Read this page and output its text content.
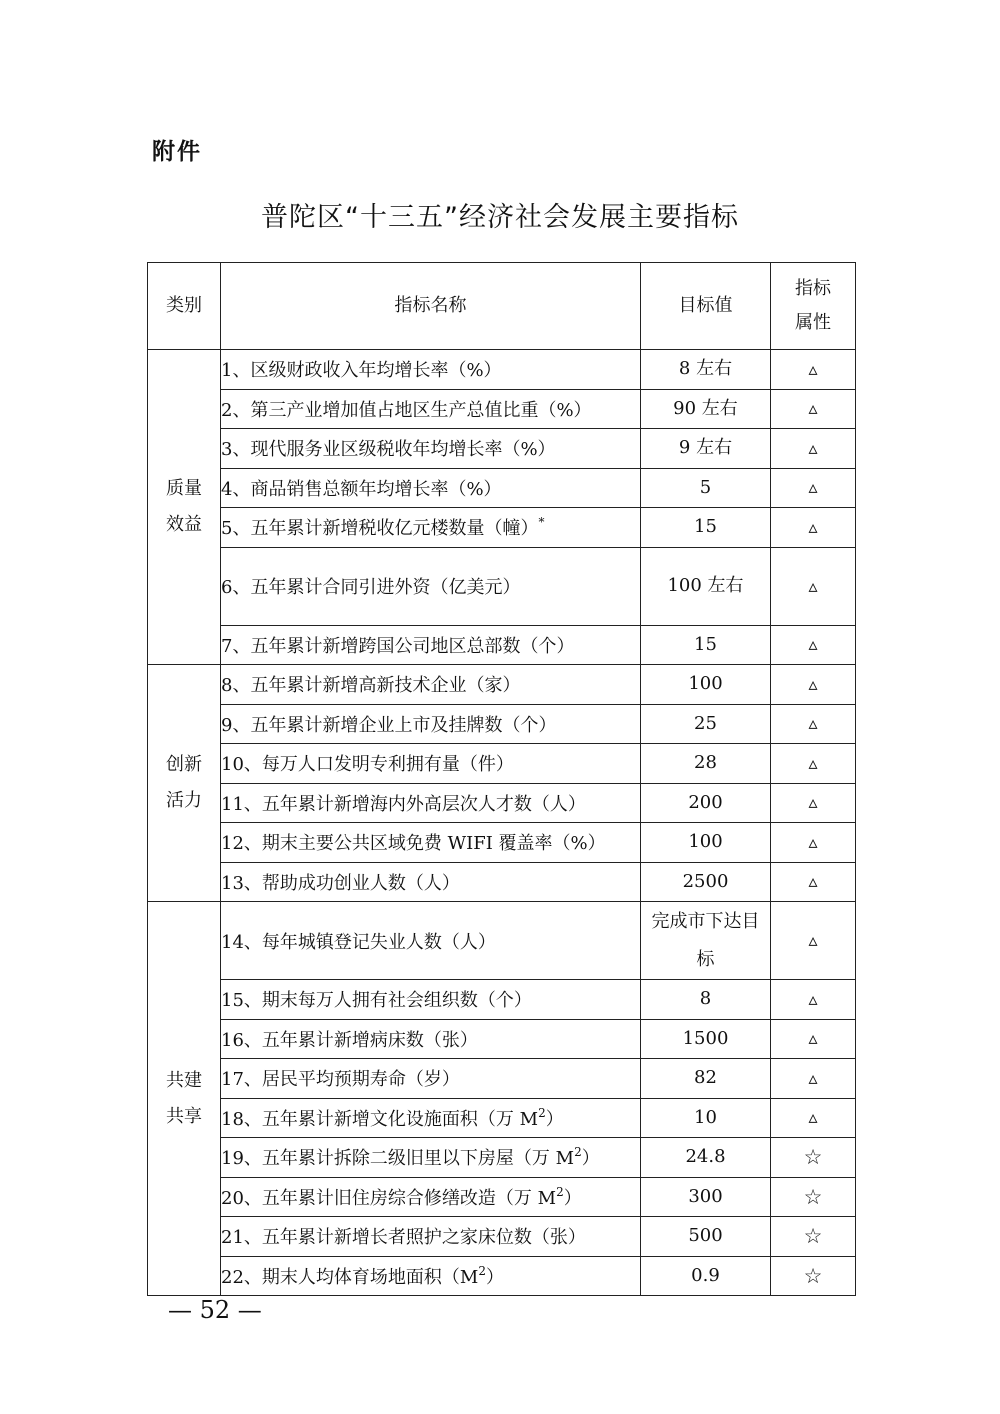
附件
普陀区“十三五”经济社会发展主要指标
类别	指标名称	目标值	指标属性
质量效益	1、区级财政收入年均增长率（%）	8 左右	▵
	2、第三产业增加值占地区生产总值比重（%）	90 左右	▵
	3、现代服务业区级税收年均增长率（%）	9 左右	▵
	4、商品销售总额年均增长率（%）	5	▵
	5、五年累计新增税收亿元楼数量（幢）*	15	▵
	6、五年累计合同引进外资（亿美元）	100 左右	▵
	7、五年累计新增跨国公司地区总部数（个）	15	▵
创新活力	8、五年累计新增高新技术企业（家）	100	▵
	9、五年累计新增企业上市及挂牌数（个）	25	▵
	10、每万人口发明专利拥有量（件）	28	▵
	11、五年累计新增海内外高层次人才数（人）	200	▵
	12、期末主要公共区域免费 WIFI 覆盖率（%）	100	▵
	13、帮助成功创业人数（人）	2500	▵
共建共享	14、每年城镇登记失业人数（人）	完成市下达目标	▵
	15、期末每万人拥有社会组织数（个）	8	▵
	16、五年累计新增病床数（张）	1500	▵
	17、居民平均预期寿命（岁）	82	▵
	18、五年累计新增文化设施面积（万 $M^2$）	10	▵
	19、五年累计拆除二级旧里以下房屋（万 $M^2$）	24.8	☆
	20、五年累计旧住房综合修缮改造（万 $M^2$）	300	☆
	21、五年累计新增长者照护之家床位数（张）	500	☆
	22、期末人均体育场地面积$(M^2)$	0.9	☆
— 52 —
